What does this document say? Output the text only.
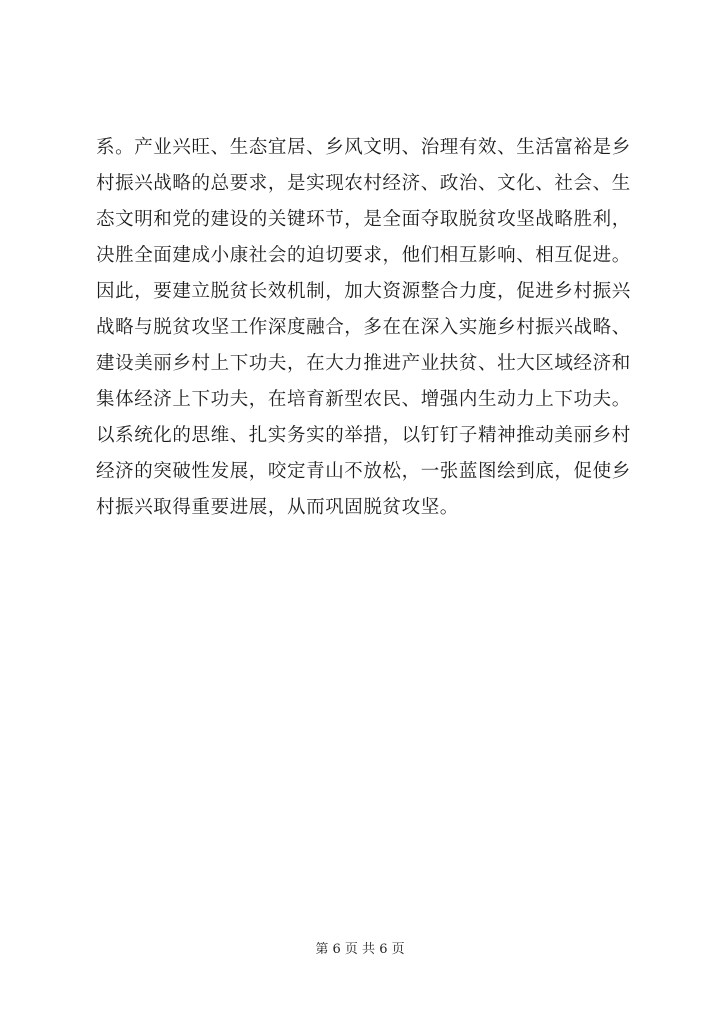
系。产业兴旺、生态宜居、乡风文明、治理有效、生活富裕是乡
村振兴战略的总要求，是实现农村经济、政治、文化、社会、生
态文明和党的建设的关键环节，是全面夺取脱贫攻坚战略胜利，
决胜全面建成小康社会的迫切要求，他们相互影响、相互促进。
因此，要建立脱贫长效机制，加大资源整合力度，促进乡村振兴
战略与脱贫攻坚工作深度融合，多在在深入实施乡村振兴战略、
建设美丽乡村上下功夫，在大力推进产业扶贫、壮大区域经济和
集体经济上下功夫，在培育新型农民、增强内生动力上下功夫。
以系统化的思维、扎实务实的举措，以钉钉子精神推动美丽乡村
经济的突破性发展，咬定青山不放松，一张蓝图绘到底，促使乡
村振兴取得重要进展，从而巩固脱贫攻坚。
第 6 页 共 6 页
